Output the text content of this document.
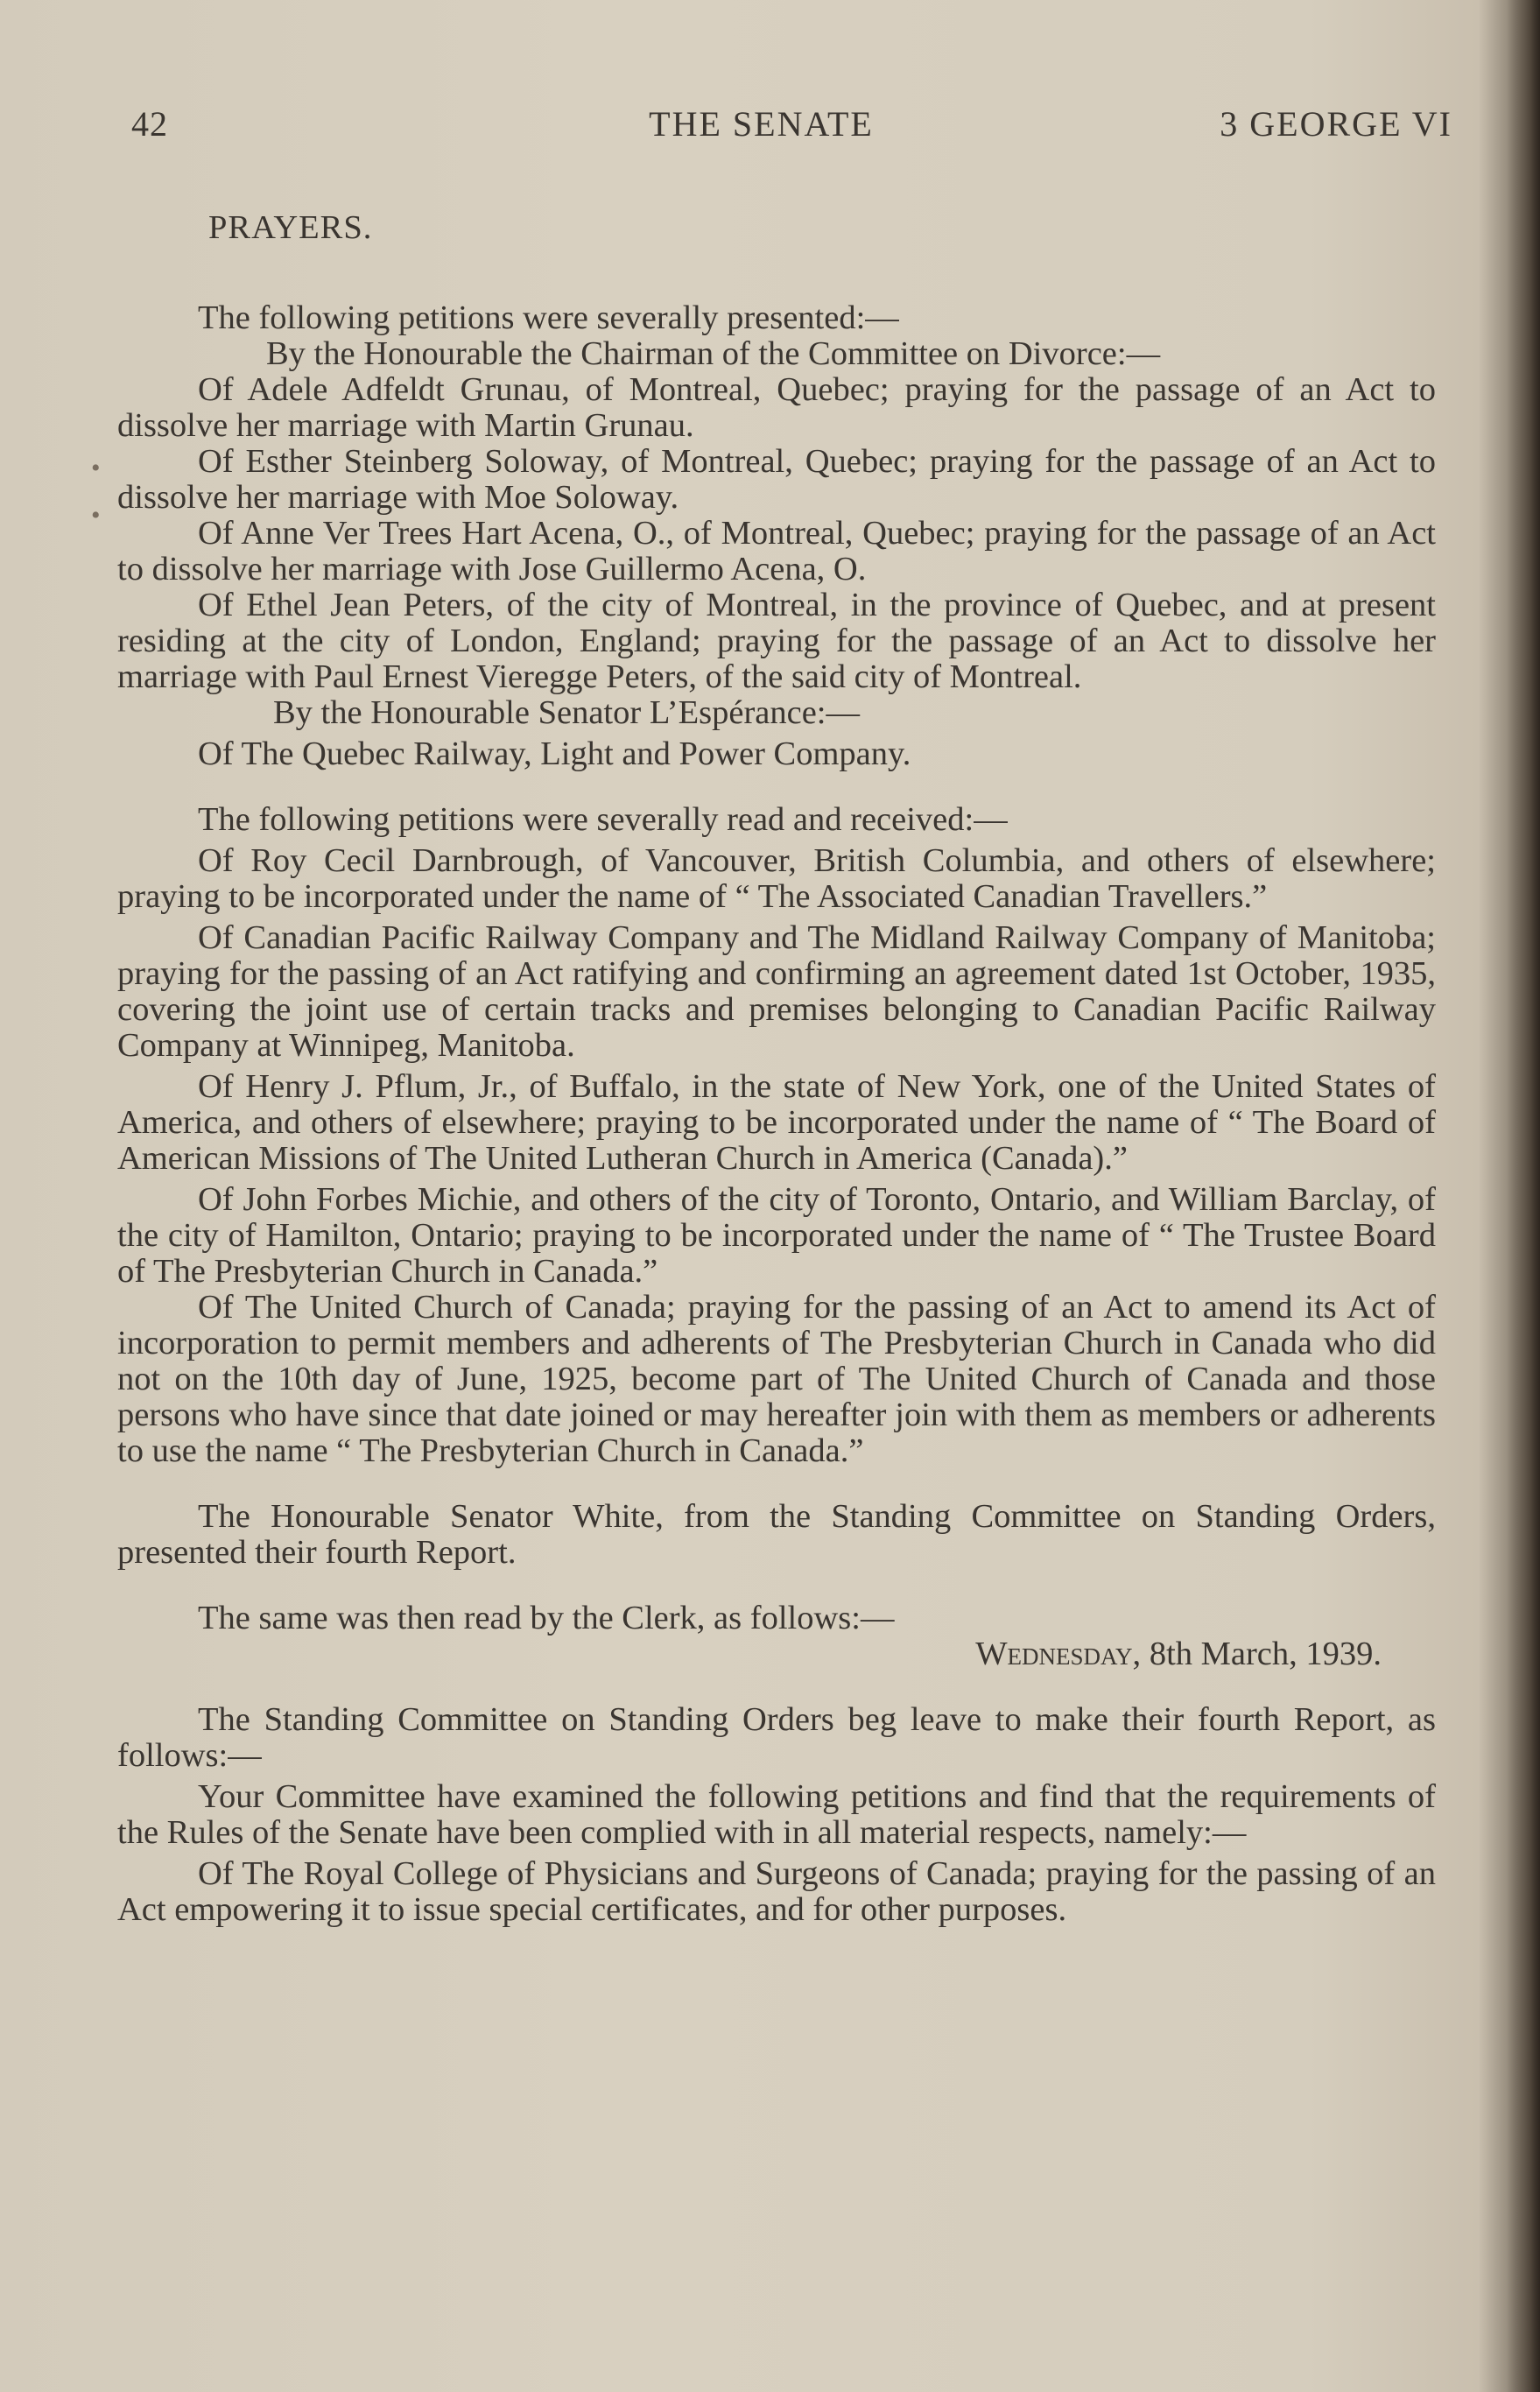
42	THE SENATE	3 GEORGE VI

PRAYERS.

The following petitions were severally presented:—

By the Honourable the Chairman of the Committee on Divorce:—

Of Adele Adfeldt Grunau, of Montreal, Quebec; praying for the passage of an Act to dissolve her marriage with Martin Grunau.

Of Esther Steinberg Soloway, of Montreal, Quebec; praying for the passage of an Act to dissolve her marriage with Moe Soloway.

Of Anne Ver Trees Hart Acena, O., of Montreal, Quebec; praying for the passage of an Act to dissolve her marriage with Jose Guillermo Acena, O.

Of Ethel Jean Peters, of the city of Montreal, in the province of Quebec, and at present residing at the city of London, England; praying for the passage of an Act to dissolve her marriage with Paul Ernest Vieregge Peters, of the said city of Montreal.

By the Honourable Senator L’Espérance:—

Of The Quebec Railway, Light and Power Company.

The following petitions were severally read and received:—

Of Roy Cecil Darnbrough, of Vancouver, British Columbia, and others of elsewhere; praying to be incorporated under the name of “ The Associated Canadian Travellers.”

Of Canadian Pacific Railway Company and The Midland Railway Company of Manitoba; praying for the passing of an Act ratifying and confirming an agreement dated 1st October, 1935, covering the joint use of certain tracks and premises belonging to Canadian Pacific Railway Company at Winnipeg, Manitoba.

Of Henry J. Pflum, Jr., of Buffalo, in the state of New York, one of the United States of America, and others of elsewhere; praying to be incorporated under the name of “ The Board of American Missions of The United Lutheran Church in America (Canada).”

Of John Forbes Michie, and others of the city of Toronto, Ontario, and William Barclay, of the city of Hamilton, Ontario; praying to be incorporated under the name of “ The Trustee Board of The Presbyterian Church in Canada.”

Of The United Church of Canada; praying for the passing of an Act to amend its Act of incorporation to permit members and adherents of The Presbyterian Church in Canada who did not on the 10th day of June, 1925, become part of The United Church of Canada and those persons who have since that date joined or may hereafter join with them as members or adherents to use the name “ The Presbyterian Church in Canada.”

The Honourable Senator White, from the Standing Committee on Standing Orders, presented their fourth Report.

The same was then read by the Clerk, as follows:—

Wednesday, 8th March, 1939.

The Standing Committee on Standing Orders beg leave to make their fourth Report, as follows:—

Your Committee have examined the following petitions and find that the requirements of the Rules of the Senate have been complied with in all material respects, namely:—

Of The Royal College of Physicians and Surgeons of Canada; praying for the passing of an Act empowering it to issue special certificates, and for other purposes.

•
•
